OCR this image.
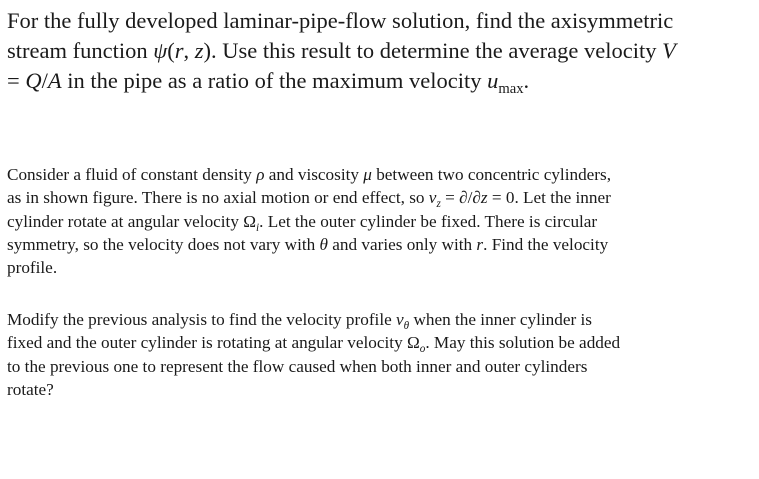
For the fully developed laminar-pipe-flow solution, find the axisymmetric
stream function ψ(r, z). Use this result to determine the average velocity V
= Q/A in the pipe as a ratio of the maximum velocity $u_{max}$.
Consider a fluid of constant density ρ and viscosity μ between two concentric cylinders,
as in shown figure. There is no axial motion or end effect, so $v_z = \partial/\partial z = 0$. Let the inner
cylinder rotate at angular velocity $\Omega_i$. Let the outer cylinder be fixed. There is circular
symmetry, so the velocity does not vary with θ and varies only with r. Find the velocity
profile.
Modify the previous analysis to find the velocity profile $v_\theta$ when the inner cylinder is
fixed and the outer cylinder is rotating at angular velocity $\Omega_o$. May this solution be added
to the previous one to represent the flow caused when both inner and outer cylinders
rotate?
